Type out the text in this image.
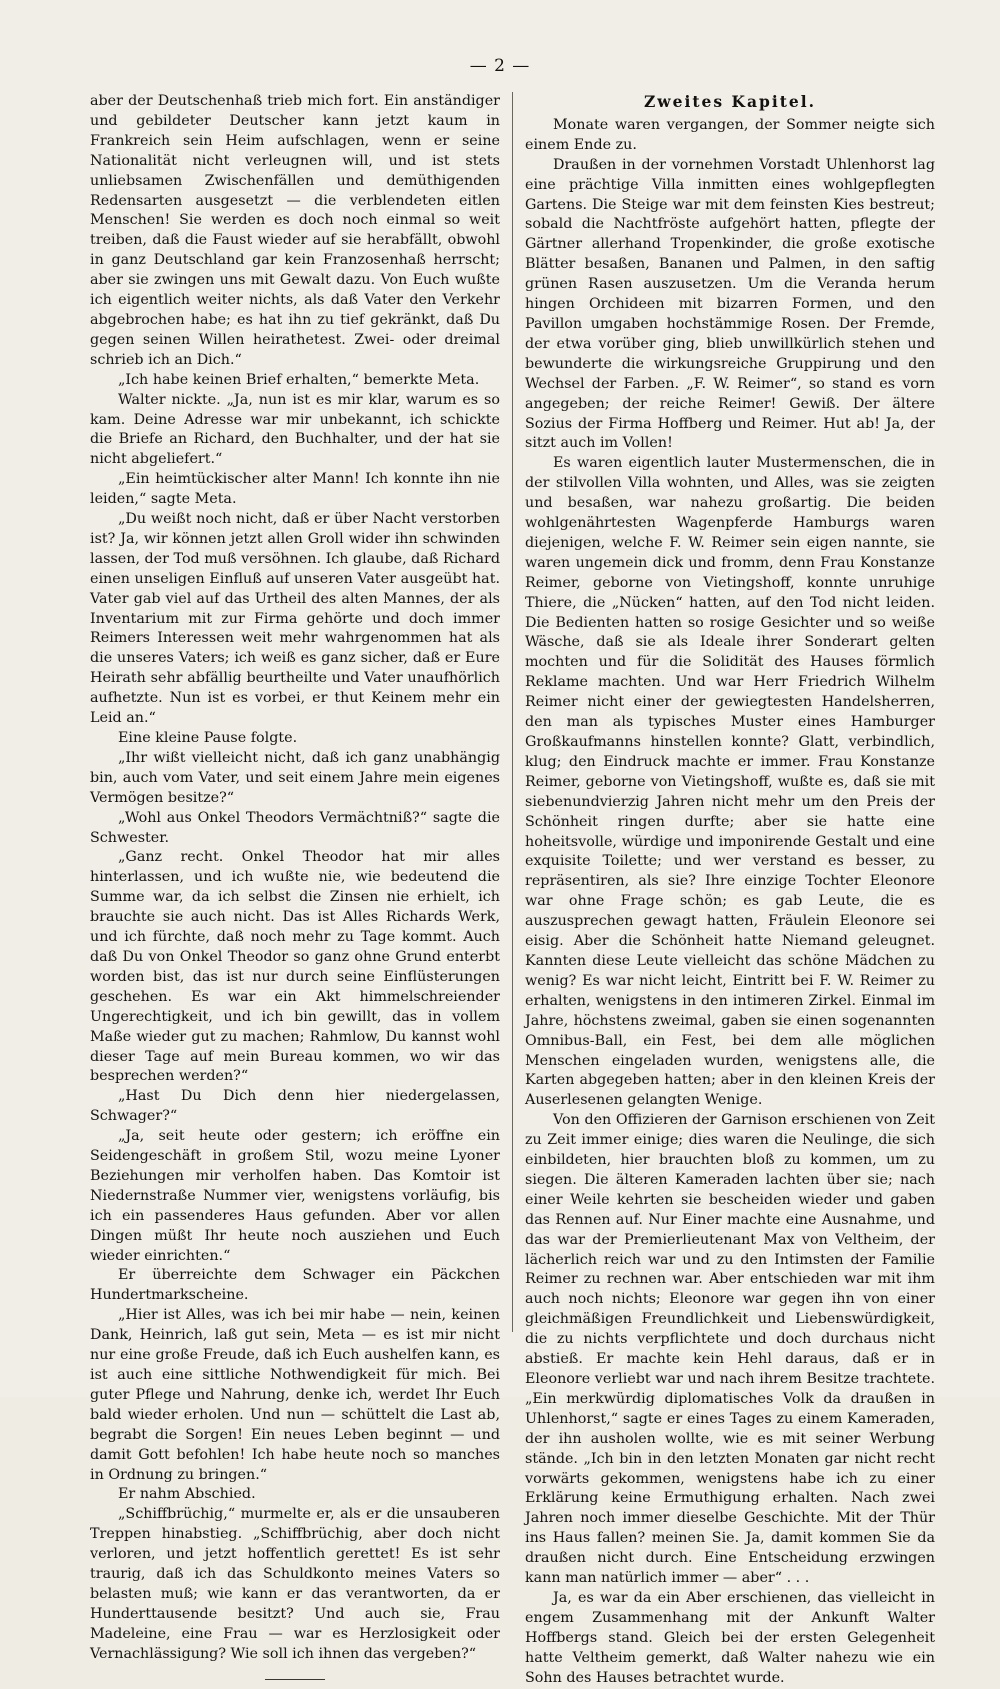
— 2 —

aber der Deutschenhaß trieb mich fort. Ein anständiger und gebildeter Deutscher kann jetzt kaum in Frankreich sein Heim aufschlagen, wenn er seine Nationalität nicht verleugnen will, und ist stets unliebsamen Zwischenfällen und demüthigenden Redensarten ausgesetzt — die verblendeten eitlen Menschen! Sie werden es doch noch einmal so weit treiben, daß die Faust wieder auf sie herabfällt, obwohl in ganz Deutschland gar kein Franzosenhaß herrscht; aber sie zwingen uns mit Gewalt dazu. Von Euch wußte ich eigentlich weiter nichts, als daß Vater den Verkehr abgebrochen habe; es hat ihn zu tief gekränkt, daß Du gegen seinen Willen heirathetest. Zwei- oder dreimal schrieb ich an Dich.“

„Ich habe keinen Brief erhalten,“ bemerkte Meta.

Walter nickte. „Ja, nun ist es mir klar, warum es so kam. Deine Adresse war mir unbekannt, ich schickte die Briefe an Richard, den Buchhalter, und der hat sie nicht abgeliefert.“

„Ein heimtückischer alter Mann! Ich konnte ihn nie leiden,“ sagte Meta.

„Du weißt noch nicht, daß er über Nacht verstorben ist? Ja, wir können jetzt allen Groll wider ihn schwinden lassen, der Tod muß versöhnen. Ich glaube, daß Richard einen unseligen Einfluß auf unseren Vater ausgeübt hat. Vater gab viel auf das Urtheil des alten Mannes, der als Inventarium mit zur Firma gehörte und doch immer Reimers Interessen weit mehr wahrgenommen hat als die unseres Vaters; ich weiß es ganz sicher, daß er Eure Heirath sehr abfällig beurtheilte und Vater unaufhörlich aufhetzte. Nun ist es vorbei, er thut Keinem mehr ein Leid an.“

Eine kleine Pause folgte.

„Ihr wißt vielleicht nicht, daß ich ganz unabhängig bin, auch vom Vater, und seit einem Jahre mein eigenes Vermögen besitze?“

„Wohl aus Onkel Theodors Vermächtniß?“ sagte die Schwester.

„Ganz recht. Onkel Theodor hat mir alles hinterlassen, und ich wußte nie, wie bedeutend die Summe war, da ich selbst die Zinsen nie erhielt, ich brauchte sie auch nicht. Das ist Alles Richards Werk, und ich fürchte, daß noch mehr zu Tage kommt. Auch daß Du von Onkel Theodor so ganz ohne Grund enterbt worden bist, das ist nur durch seine Einflüsterungen geschehen. Es war ein Akt himmelschreiender Ungerechtigkeit, und ich bin gewillt, das in vollem Maße wieder gut zu machen; Rahmlow, Du kannst wohl dieser Tage auf mein Bureau kommen, wo wir das besprechen werden?“

„Hast Du Dich denn hier niedergelassen, Schwager?“

„Ja, seit heute oder gestern; ich eröffne ein Seidengeschäft in großem Stil, wozu meine Lyoner Beziehungen mir verholfen haben. Das Komtoir ist Niedernstraße Nummer vier, wenigstens vorläufig, bis ich ein passenderes Haus gefunden. Aber vor allen Dingen müßt Ihr heute noch ausziehen und Euch wieder einrichten.“

Er überreichte dem Schwager ein Päckchen Hundertmarkscheine.

„Hier ist Alles, was ich bei mir habe — nein, keinen Dank, Heinrich, laß gut sein, Meta — es ist mir nicht nur eine große Freude, daß ich Euch aushelfen kann, es ist auch eine sittliche Nothwendigkeit für mich. Bei guter Pflege und Nahrung, denke ich, werdet Ihr Euch bald wieder erholen. Und nun — schüttelt die Last ab, begrabt die Sorgen! Ein neues Leben beginnt — und damit Gott befohlen! Ich habe heute noch so manches in Ordnung zu bringen.“

Er nahm Abschied.

„Schiffbrüchig,“ murmelte er, als er die unsauberen Treppen hinabstieg. „Schiffbrüchig, aber doch nicht verloren, und jetzt hoffentlich gerettet! Es ist sehr traurig, daß ich das Schuldkonto meines Vaters so belasten muß; wie kann er das verantworten, da er Hunderttausende besitzt? Und auch sie, Frau Madeleine, eine Frau — war es Herzlosigkeit oder Vernachlässigung? Wie soll ich ihnen das vergeben?“

Zweites Kapitel.

Monate waren vergangen, der Sommer neigte sich einem Ende zu.

Draußen in der vornehmen Vorstadt Uhlenhorst lag eine prächtige Villa inmitten eines wohlgepflegten Gartens. Die Steige war mit dem feinsten Kies bestreut; sobald die Nachtfröste aufgehört hatten, pflegte der Gärtner allerhand Tropenkinder, die große exotische Blätter besaßen, Bananen und Palmen, in den saftig grünen Rasen auszusetzen. Um die Veranda herum hingen Orchideen mit bizarren Formen, und den Pavillon umgaben hochstämmige Rosen. Der Fremde, der etwa vorüber ging, blieb unwillkürlich stehen und bewunderte die wirkungsreiche Gruppirung und den Wechsel der Farben. „F. W. Reimer“, so stand es vorn angegeben; der reiche Reimer! Gewiß. Der ältere Sozius der Firma Hoffberg und Reimer. Hut ab! Ja, der sitzt auch im Vollen!

Es waren eigentlich lauter Mustermenschen, die in der stilvollen Villa wohnten, und Alles, was sie zeigten und besaßen, war nahezu großartig. Die beiden wohlgenährtesten Wagenpferde Hamburgs waren diejenigen, welche F. W. Reimer sein eigen nannte, sie waren ungemein dick und fromm, denn Frau Konstanze Reimer, geborne von Vietingshoff, konnte unruhige Thiere, die „Nücken“ hatten, auf den Tod nicht leiden. Die Bedienten hatten so rosige Gesichter und so weiße Wäsche, daß sie als Ideale ihrer Sonderart gelten mochten und für die Solidität des Hauses förmlich Reklame machten. Und war Herr Friedrich Wilhelm Reimer nicht einer der gewiegtesten Handelsherren, den man als typisches Muster eines Hamburger Großkaufmanns hinstellen konnte? Glatt, verbindlich, klug; den Eindruck machte er immer. Frau Konstanze Reimer, geborne von Vietingshoff, wußte es, daß sie mit siebenundvierzig Jahren nicht mehr um den Preis der Schönheit ringen durfte; aber sie hatte eine hoheitsvolle, würdige und imponirende Gestalt und eine exquisite Toilette; und wer verstand es besser, zu repräsentiren, als sie? Ihre einzige Tochter Eleonore war ohne Frage schön; es gab Leute, die es auszusprechen gewagt hatten, Fräulein Eleonore sei eisig. Aber die Schönheit hatte Niemand geleugnet. Kannten diese Leute vielleicht das schöne Mädchen zu wenig? Es war nicht leicht, Eintritt bei F. W. Reimer zu erhalten, wenigstens in den intimeren Zirkel. Einmal im Jahre, höchstens zweimal, gaben sie einen sogenannten Omnibus-Ball, ein Fest, bei dem alle möglichen Menschen eingeladen wurden, wenigstens alle, die Karten abgegeben hatten; aber in den kleinen Kreis der Auserlesenen gelangten Wenige.

Von den Offizieren der Garnison erschienen von Zeit zu Zeit immer einige; dies waren die Neulinge, die sich einbildeten, hier brauchten bloß zu kommen, um zu siegen. Die älteren Kameraden lachten über sie; nach einer Weile kehrten sie bescheiden wieder und gaben das Rennen auf. Nur Einer machte eine Ausnahme, und das war der Premierlieutenant Max von Veltheim, der lächerlich reich war und zu den Intimsten der Familie Reimer zu rechnen war. Aber entschieden war mit ihm auch noch nichts; Eleonore war gegen ihn von einer gleichmäßigen Freundlichkeit und Liebenswürdigkeit, die zu nichts verpflichtete und doch durchaus nicht abstieß. Er machte kein Hehl daraus, daß er in Eleonore verliebt war und nach ihrem Besitze trachtete. „Ein merkwürdig diplomatisches Volk da draußen in Uhlenhorst,“ sagte er eines Tages zu einem Kameraden, der ihn ausholen wollte, wie es mit seiner Werbung stände. „Ich bin in den letzten Monaten gar nicht recht vorwärts gekommen, wenigstens habe ich zu einer Erklärung keine Ermuthigung erhalten. Nach zwei Jahren noch immer dieselbe Geschichte. Mit der Thür ins Haus fallen? meinen Sie. Ja, damit kommen Sie da draußen nicht durch. Eine Entscheidung erzwingen kann man natürlich immer — aber“ . . .

Ja, es war da ein Aber erschienen, das vielleicht in engem Zusammenhang mit der Ankunft Walter Hoffbergs stand. Gleich bei der ersten Gelegenheit hatte Veltheim gemerkt, daß Walter nahezu wie ein Sohn des Hauses betrachtet wurde.
